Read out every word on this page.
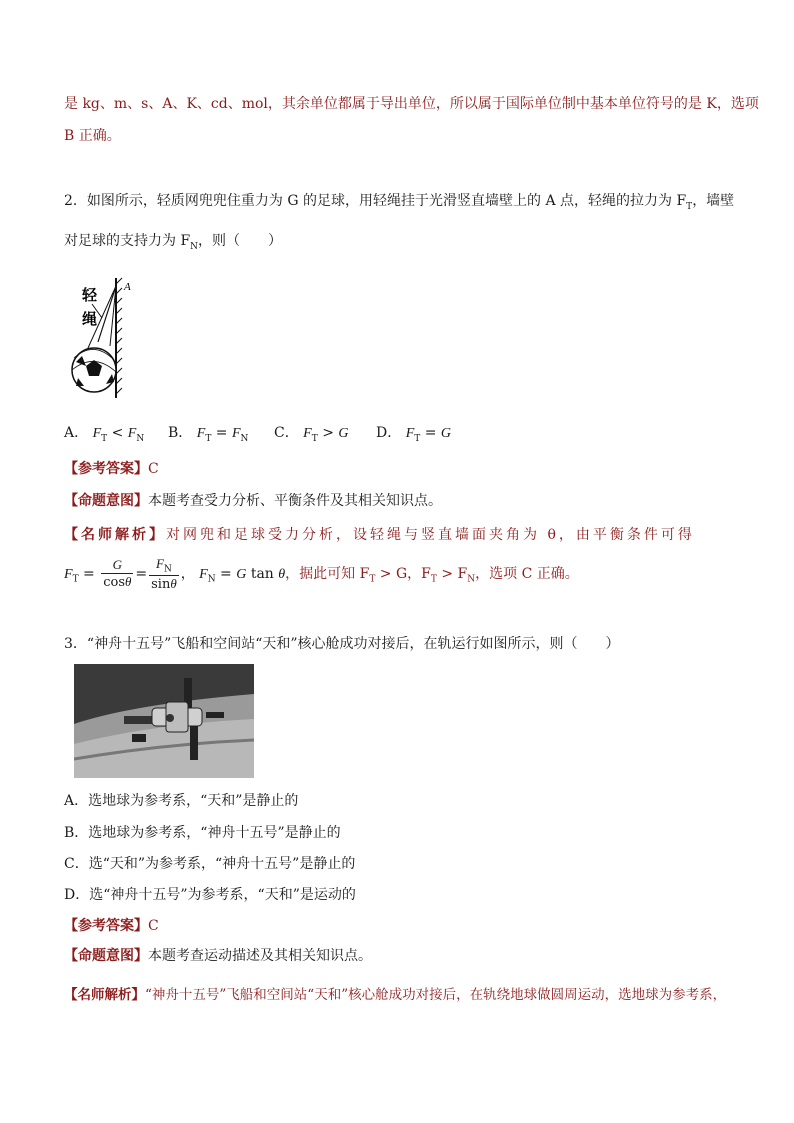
是 kg、m、s、A、K、cd、mol，其余单位都属于导出单位，所以属于国际单位制中基本单位符号的是 K，选项
B 正确。
2．如图所示，轻质网兜兜住重力为 G 的足球，用轻绳挂于光滑竖直墙壁上的 A 点，轻绳的拉力为 $F_T$，墙壁
对足球的支持力为 $F_N$，则（　　）
轻
绳
A
A． $F_T < F_N$ B． $F_T = F_N$ C． $F_T > G$ D． $F_T = G$
【参考答案】C
【命题意图】本题考查受力分析、平衡条件及其相关知识点。
【名师解析】对网兜和足球受力分析，设轻绳与竖直墙面夹角为 θ，由平衡条件可得
$F_T = \frac{G}{\cos\theta} = \frac{F_N}{\sin\theta}$ ， $F_N = G$ tan θ，据此可知 $F_T > G$，$F_T > F_N$，选项 C 正确。
3．“神舟十五号”飞船和空间站“天和”核心舱成功对接后，在轨运行如图所示，则（　　）
A．选地球为参考系，“天和”是静止的
B．选地球为参考系，“神舟十五号”是静止的
C．选“天和”为参考系，“神舟十五号”是静止的
D．选“神舟十五号”为参考系，“天和”是运动的
【参考答案】C
【命题意图】本题考查运动描述及其相关知识点。
【名师解析】“神舟十五号”飞船和空间站“天和”核心舱成功对接后，在轨绕地球做圆周运动，选地球为参考系，
